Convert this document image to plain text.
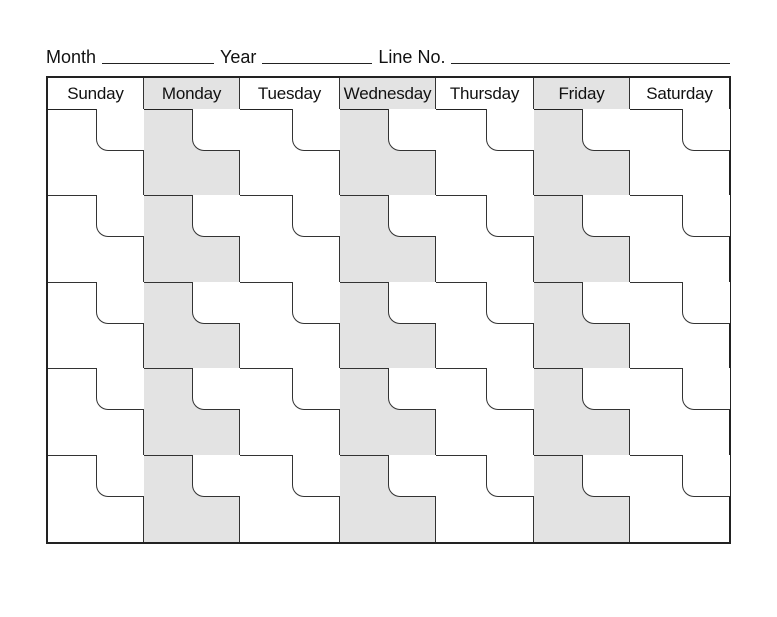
Month	Year	Line No.
Sunday	Monday	Tuesday	Wednesday	Thursday	Friday	Saturday
